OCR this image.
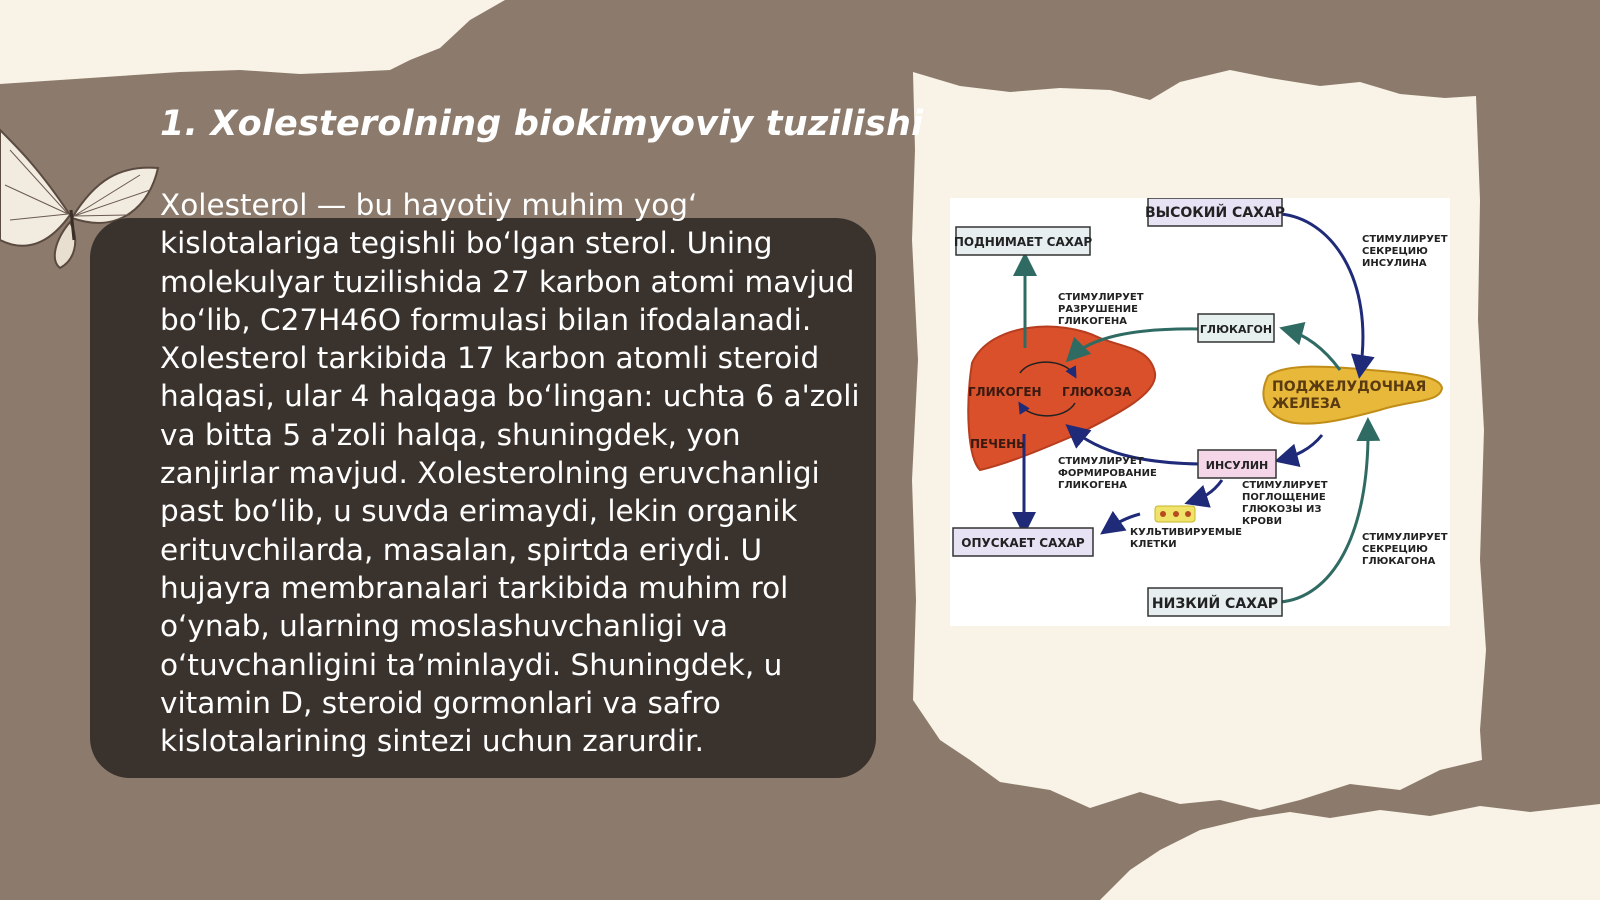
1. Xolesterolning biokimyoviy tuzilishi

Xolesterol — bu hayotiy muhim yog‘ kislotalariga tegishli bo‘lgan sterol. Uning molekulyar tuzilishida 27 karbon atomi mavjud bo‘lib, C27H46O formulasi bilan ifodalanadi. Xolesterol tarkibida 17 karbon atomli steroid halqasi, ular 4 halqaga bo‘lingan: uchta 6 a'zoli va bitta 5 a'zoli halqa, shuningdek, yon zanjirlar mavjud. Xolesterolning eruvchanligi past bo‘lib, u suvda erimaydi, lekin organik erituvchilarda, masalan, spirtda eriydi. U hujayra membranalari tarkibida muhim rol o‘ynab, ularning moslashuvchanligi va o‘tuvchanligini ta’minlaydi. Shuningdek, u vitamin D, steroid gormonlari va safro kislotalarining sintezi uchun zarurdir.

ВЫСОКИЙ САХАР
ПОДНИМАЕТ САХАР
ГЛЮКАГОН
ИНСУЛИН
ОПУСКАЕТ САХАР
НИЗКИЙ САХАР
ГЛИКОГЕН ГЛЮКОЗА
ПЕЧЕНЬ
ПОДЖЕЛУДОЧНАЯ
ЖЕЛЕЗА
СТИМУЛИРУЕТ
РАЗРУШЕНИЕ
ГЛИКОГЕНА
СТИМУЛИРУЕТ
СЕКРЕЦИЮ
ИНСУЛИНА
СТИМУЛИРУЕТ
ФОРМИРОВАНИЕ
ГЛИКОГЕНА	СТИМУЛИРУЕТ
ПОГЛОЩЕНИЕ
ГЛЮКОЗЫ ИЗ
КРОВИ
КУЛЬТИВИРУЕМЫЕ
КЛЕТКИ
СТИМУЛИРУЕТ
СЕКРЕЦИЮ
ГЛЮКАГОНА
